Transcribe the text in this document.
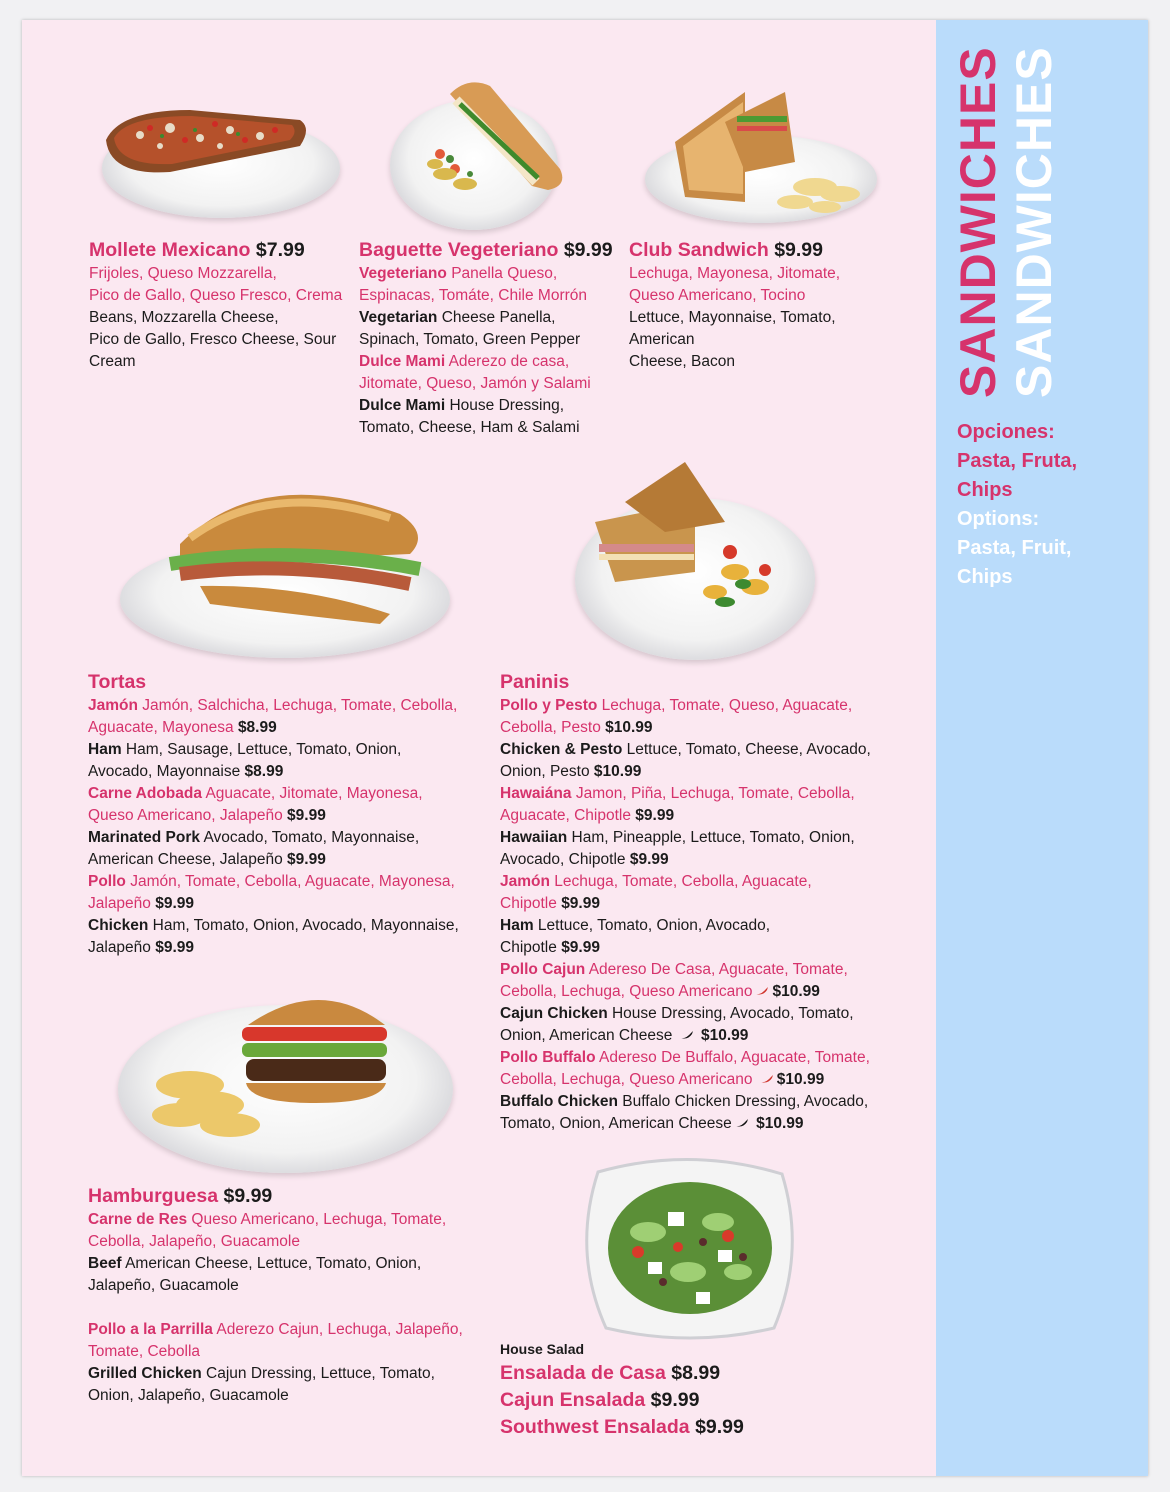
SANDWICHES SANDWICHES
Opciones:
Pasta, Fruta,
Chips
Options:
Pasta, Fruit,
Chips
Mollete Mexicano $7.99
Frijoles, Queso Mozzarella,
Pico de Gallo, Queso Fresco, Crema
Beans, Mozzarella Cheese,
Pico de Gallo, Fresco Cheese, Sour
Cream
Baguette Vegeteriano $9.99
Vegeteriano Panella Queso,
Espinacas, Tomáte, Chile Morrón
Vegetarian Cheese Panella,
Spinach, Tomato, Green Pepper
Dulce Mami Aderezo de casa,
Jitomate, Queso, Jamón y Salami
Dulce Mami House Dressing,
Tomato, Cheese, Ham & Salami
Club Sandwich $9.99
Lechuga, Mayonesa, Jitomate,
Queso Americano, Tocino
Lettuce, Mayonnaise, Tomato,
American
Cheese, Bacon
Tortas
Jamón Jamón, Salchicha, Lechuga, Tomate, Cebolla,
Aguacate, Mayonesa $8.99
Ham Ham, Sausage, Lettuce, Tomato, Onion,
Avocado, Mayonnaise $8.99
Carne Adobada Aguacate, Jitomate, Mayonesa,
Queso Americano, Jalapeño $9.99
Marinated Pork Avocado, Tomato, Mayonnaise,
American Cheese, Jalapeño $9.99
Pollo Jamón, Tomate, Cebolla, Aguacate, Mayonesa,
Jalapeño $9.99
Chicken Ham, Tomato, Onion, Avocado, Mayonnaise,
Jalapeño $9.99
Paninis
Pollo y Pesto Lechuga, Tomate, Queso, Aguacate,
Cebolla, Pesto $10.99
Chicken & Pesto Lettuce, Tomato, Cheese, Avocado,
Onion, Pesto $10.99
Hawaiána Jamon, Piña, Lechuga, Tomate, Cebolla,
Aguacate, Chipotle $9.99
Hawaiian Ham, Pineapple, Lettuce, Tomato, Onion,
Avocado, Chipotle $9.99
Jamón Lechuga, Tomate, Cebolla, Aguacate,
Chipotle $9.99
Ham Lettuce, Tomato, Onion, Avocado,
Chipotle $9.99
Pollo Cajun Adereso De Casa, Aguacate, Tomate,
Cebolla, Lechuga, Queso Americano $10.99
Cajun Chicken House Dressing, Avocado, Tomato,
Onion, American Cheese $10.99
Pollo Buffalo Adereso De Buffalo, Aguacate, Tomate,
Cebolla, Lechuga, Queso Americano $10.99
Buffalo Chicken Buffalo Chicken Dressing, Avocado,
Tomato, Onion, American Cheese $10.99
Hamburguesa $9.99
Carne de Res Queso Americano, Lechuga, Tomate,
Cebolla, Jalapeño, Guacamole
Beef American Cheese, Lettuce, Tomato, Onion,
Jalapeño, Guacamole
Pollo a la Parrilla Aderezo Cajun, Lechuga, Jalapeño,
Tomate, Cebolla
Grilled Chicken Cajun Dressing, Lettuce, Tomato,
Onion, Jalapeño, Guacamole
House Salad
Ensalada de Casa $8.99
Cajun Ensalada $9.99
Southwest Ensalada $9.99
